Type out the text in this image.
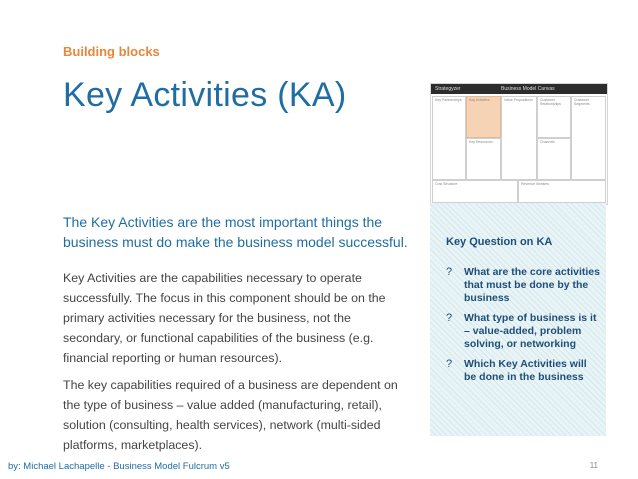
Building blocks
Key Activities (KA)
The Key Activities are the most important things the business must do make the business model successful.
Key Activities are the capabilities necessary to operate successfully. The focus in this component should be on the primary activities necessary for the business, not the secondary, or functional capabilities of the business (e.g. financial reporting or human resources).
The key capabilities required of a business are dependent on the type of business – value added (manufacturing, retail), solution (consulting, health services), network (multi-sided platforms, marketplaces).
Strategyzer	Business Model Canvas
Key Partnerships Key Activities
Key Resources
Value Propositions Customer Relationships
Channels
Customer Segments
Cost Structure	Revenue Streams
Key Question on KA
?	What are the core activities that must be done by the business
?	What type of business is it – value-added, problem solving, or networking
?	Which Key Activities will be done in the business
by: Michael Lachapelle - Business Model Fulcrum v5	11
